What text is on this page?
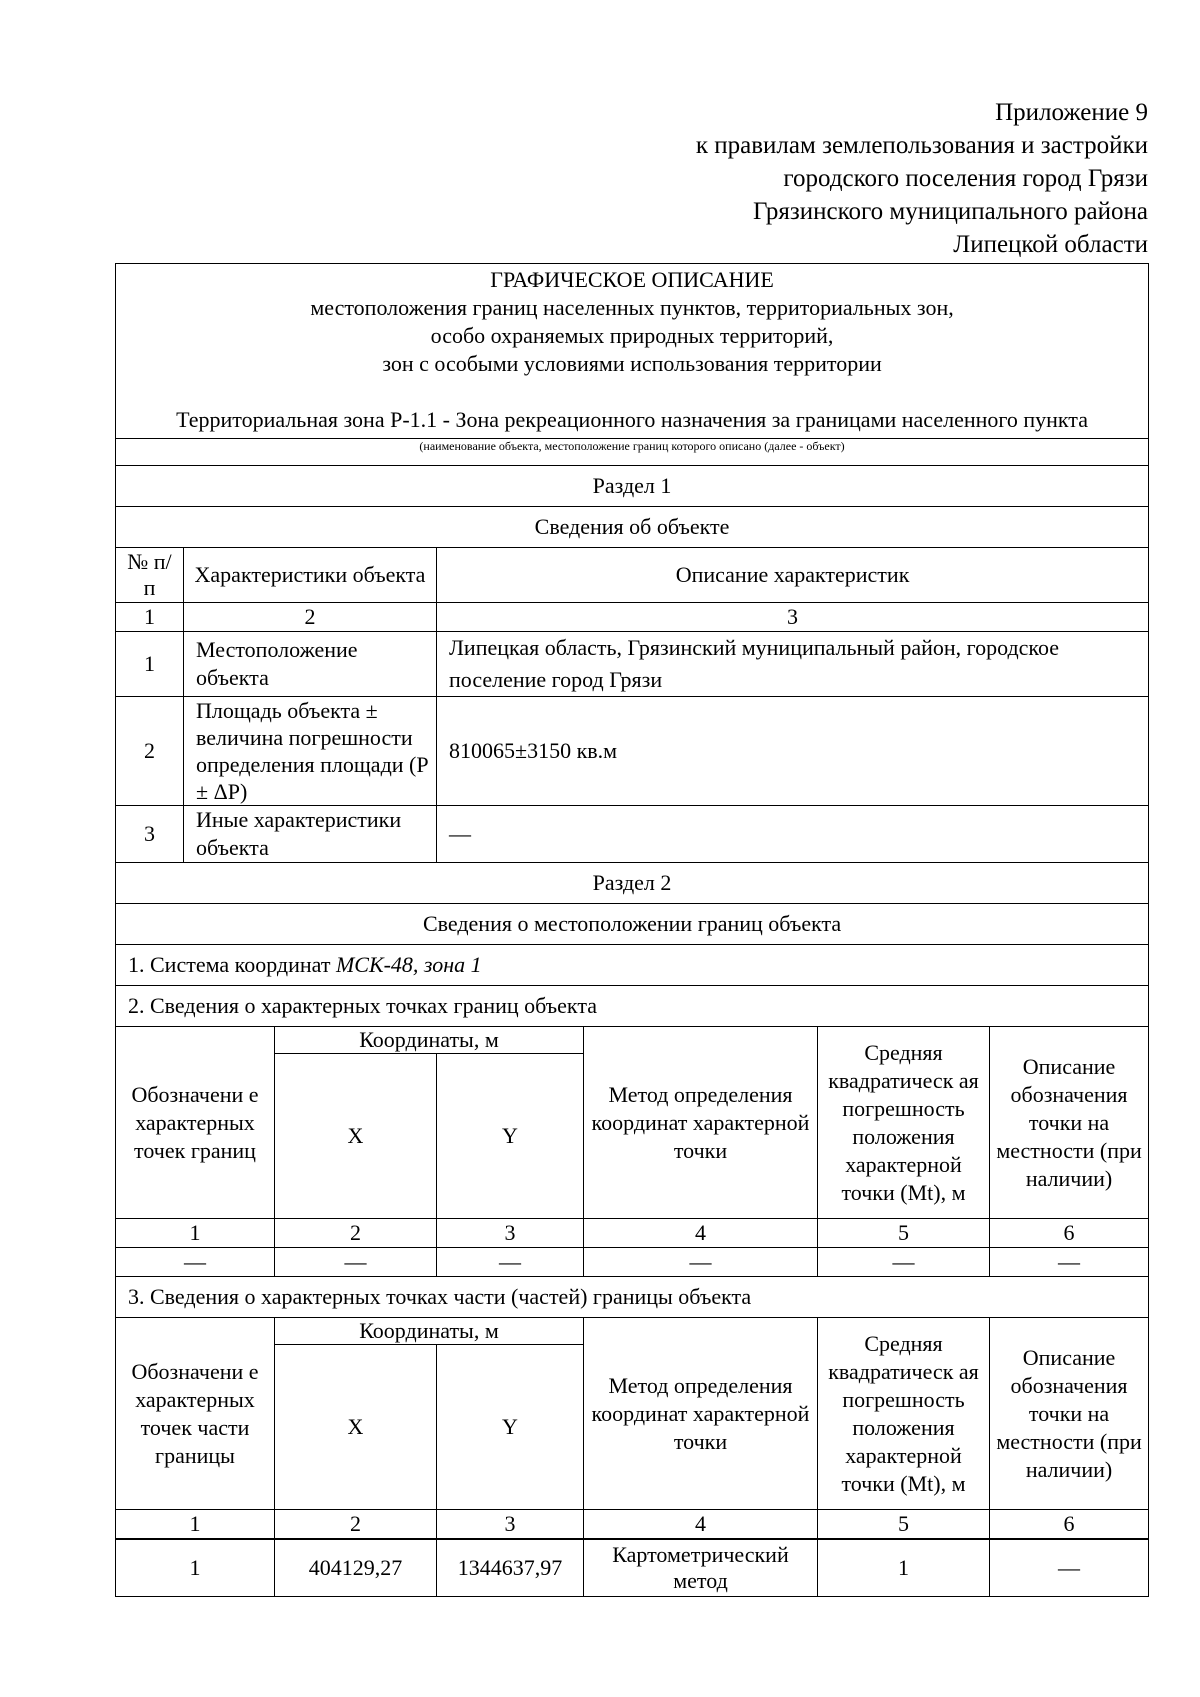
Приложение 9
к правилам землепользования и застройки
городского поселения город Грязи
Грязинского муниципального района
Липецкой области
ГРАФИЧЕСКОЕ ОПИСАНИЕ
местоположения границ населенных пунктов, территориальных зон,
особо охраняемых природных территорий,
зон с особыми условиями использования территории
Территориальная зона Р-1.1 - Зона рекреационного назначения за границами населенного пункта						

(наименование объекта, местоположение границ которого описано (далее - объект)						
Раздел 1						
Сведения об объекте						
№ п/п	Характеристики объекта		Описание характеристик			
1	2		3			
1	Местоположение объекта		Липецкая область, Грязинский муниципальный район, городское поселение город Грязи			
2	Площадь объекта ± величина погрешности определения площади (P ± ΔP)		810065±3150 кв.м			
3	Иные характеристики объекта		—			
Раздел 2						
Сведения о местоположении границ объекта						
1. Система координат МСК-48, зона 1						
2. Сведения о характерных точках границ объекта						
Обозначени е характерных точек границ		Координаты, м		Метод определения координат характерной точки	Средняя квадратическ ая погрешность положения характерной точки (Mt), м	Описание обозначения точки на местности (при наличии)
		X	Y			
1		2	3	4	5	6
—		—	—	—	—	—
3. Сведения о характерных точках части (частей) границы объекта						
Обозначени е характерных точек части границы		Координаты, м		Метод определения координат характерной точки	Средняя квадратическ ая погрешность положения характерной точки (Mt), м	Описание обозначения точки на местности (при наличии)
		X	Y			
1		2	3	4	5	6
1		404129,27	1344637,97	Картометрический метод	1	—
